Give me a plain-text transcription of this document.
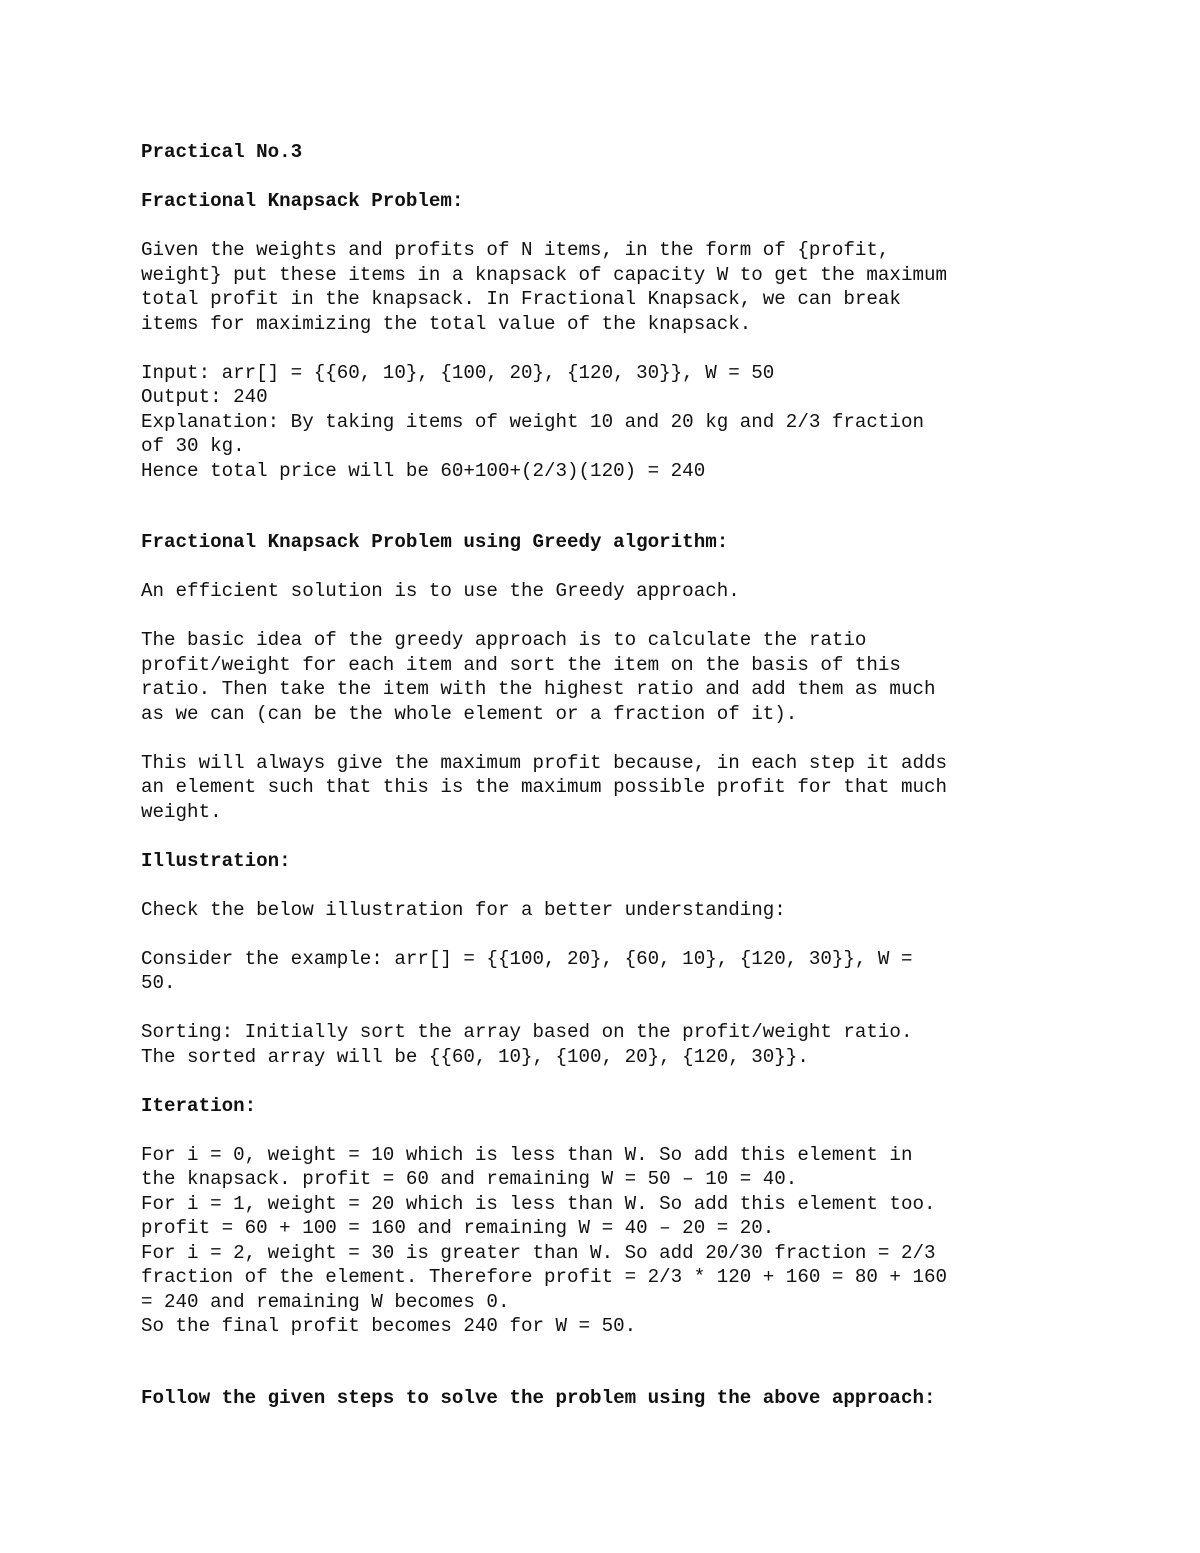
Practical No.3
Fractional Knapsack Problem:
Given the weights and profits of N items, in the form of {profit,
weight} put these items in a knapsack of capacity W to get the maximum
total profit in the knapsack. In Fractional Knapsack, we can break
items for maximizing the total value of the knapsack.
Input: arr[] = {{60, 10}, {100, 20}, {120, 30}}, W = 50
Output: 240
Explanation: By taking items of weight 10 and 20 kg and 2/3 fraction
of 30 kg.
Hence total price will be 60+100+(2/3)(120) = 240
Fractional Knapsack Problem using Greedy algorithm:
An efficient solution is to use the Greedy approach.
The basic idea of the greedy approach is to calculate the ratio
profit/weight for each item and sort the item on the basis of this
ratio. Then take the item with the highest ratio and add them as much
as we can (can be the whole element or a fraction of it).
This will always give the maximum profit because, in each step it adds
an element such that this is the maximum possible profit for that much
weight.
Illustration:
Check the below illustration for a better understanding:
Consider the example: arr[] = {{100, 20}, {60, 10}, {120, 30}}, W =
50.
Sorting: Initially sort the array based on the profit/weight ratio.
The sorted array will be {{60, 10}, {100, 20}, {120, 30}}.
Iteration:
For i = 0, weight = 10 which is less than W. So add this element in
the knapsack. profit = 60 and remaining W = 50 – 10 = 40.
For i = 1, weight = 20 which is less than W. So add this element too.
profit = 60 + 100 = 160 and remaining W = 40 – 20 = 20.
For i = 2, weight = 30 is greater than W. So add 20/30 fraction = 2/3
fraction of the element. Therefore profit = 2/3 * 120 + 160 = 80 + 160
= 240 and remaining W becomes 0.
So the final profit becomes 240 for W = 50.
Follow the given steps to solve the problem using the above approach:
